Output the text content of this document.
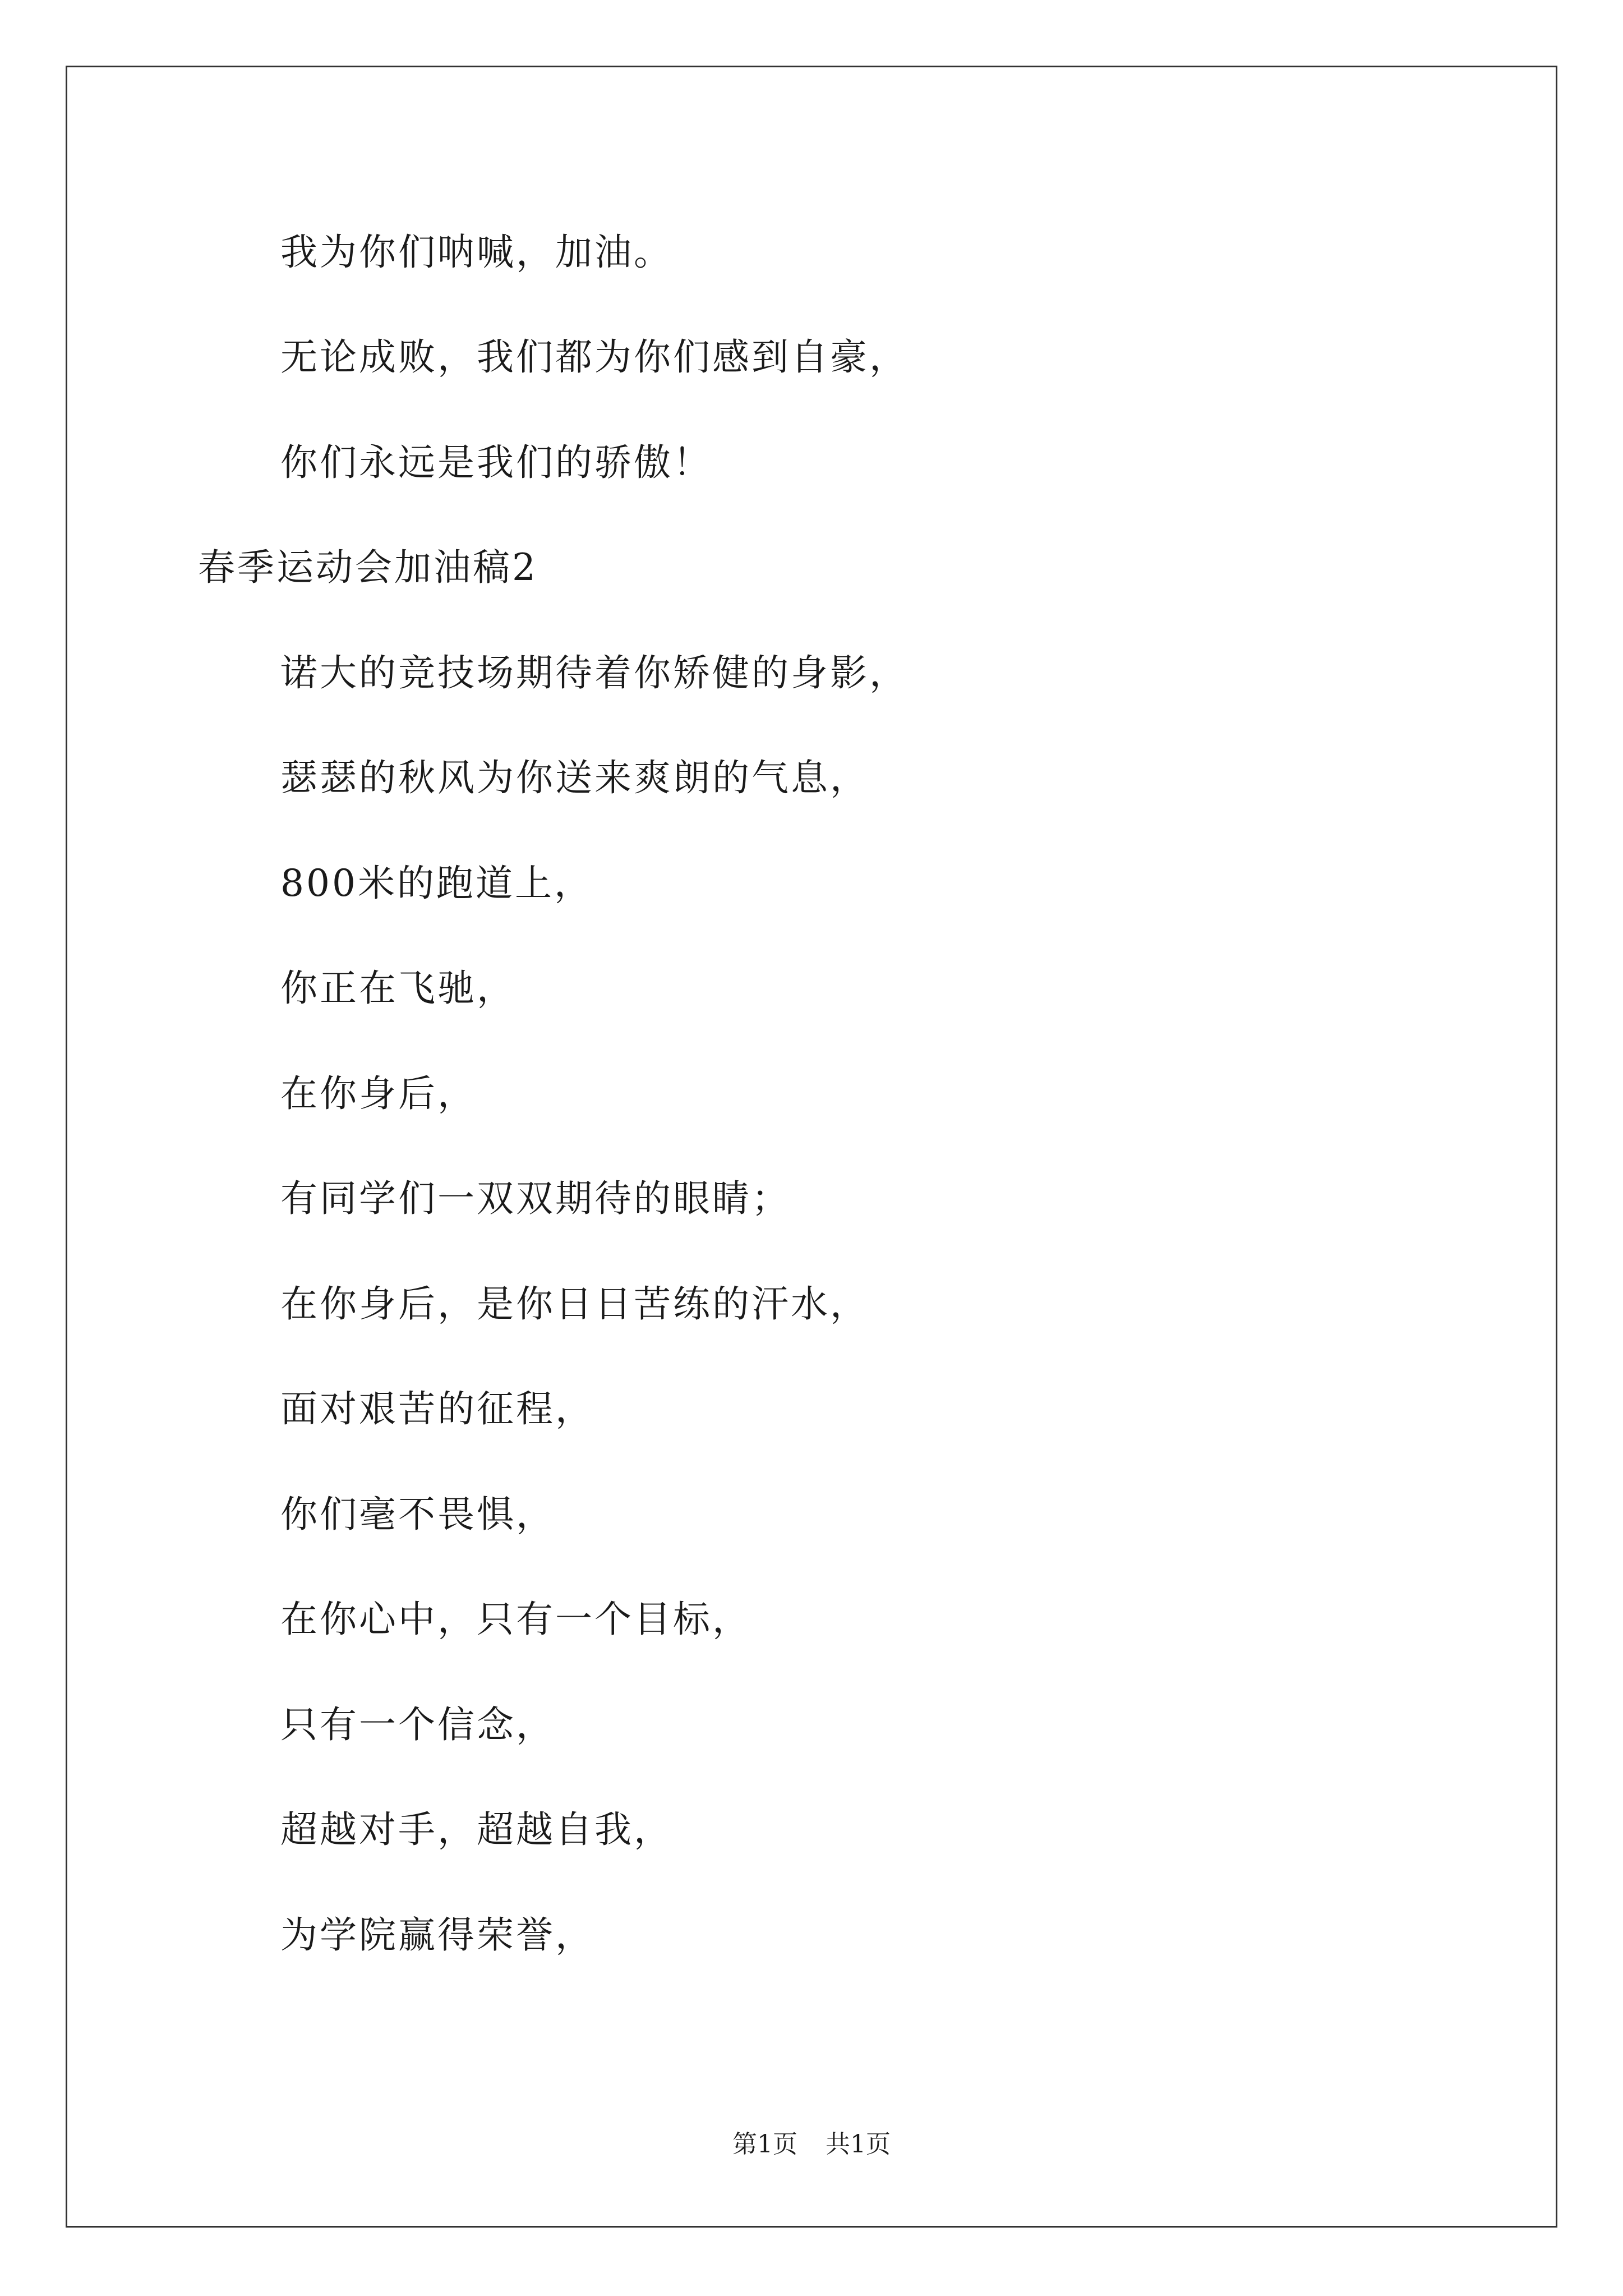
我为你们呐喊，加油。
无论成败，我们都为你们感到自豪，
你们永远是我们的骄傲！
春季运动会加油稿2
诺大的竞技场期待着你矫健的身影，
瑟瑟的秋风为你送来爽朗的气息，
800米的跑道上，
你正在飞驰，
在你身后，
有同学们一双双期待的眼睛；
在你身后，是你日日苦练的汗水，
面对艰苦的征程，
你们毫不畏惧，
在你心中，只有一个目标，
只有一个信念，
超越对手，超越自我，
为学院赢得荣誉，
第1页 共1页
